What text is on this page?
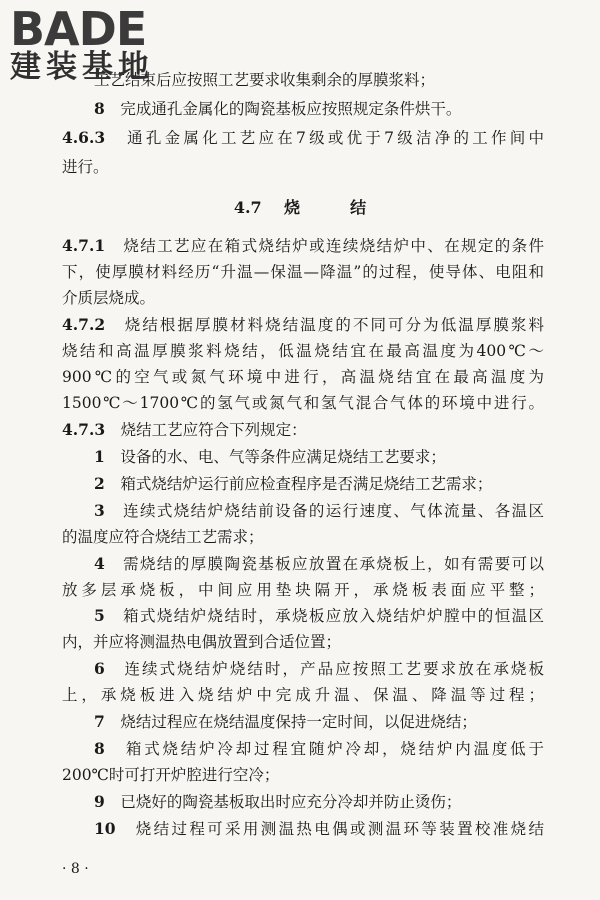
BADE
建装基地
工艺结束后应按照工艺要求收集剩余的厚膜浆料；
8　 完成通孔金属化的陶瓷基板应按照规定条件烘干。
4.6.3　 通孔金属化工艺应在7级或优于7级洁净的工作间中
进行。
4.7 烧	结
4.7.1　 烧结工艺应在箱式烧结炉或连续烧结炉中、在规定的条件
下，使厚膜材料经历“升温—保温—降温”的过程，使导体、电阻和
介质层烧成。
4.7.2　 烧结根据厚膜材料烧结温度的不同可分为低温厚膜浆料
烧结和高温厚膜浆料烧结，低温烧结宜在最高温度为400℃～
900℃的空气或氮气环境中进行，高温烧结宜在最高温度为
1500℃～1700℃的氢气或氮气和氢气混合气体的环境中进行。
4.7.3　 烧结工艺应符合下列规定：
1　 设备的水、电、气等条件应满足烧结工艺要求；
2　 箱式烧结炉运行前应检查程序是否满足烧结工艺需求；
3　 连续式烧结炉烧结前设备的运行速度、气体流量、各温区
的温度应符合烧结工艺需求；
4　 需烧结的厚膜陶瓷基板应放置在承烧板上，如有需要可以
放多层承烧板，中间应用垫块隔开，承烧板表面应平整；
5　 箱式烧结炉烧结时，承烧板应放入烧结炉炉膛中的恒温区
内，并应将测温热电偶放置到合适位置；
6　 连续式烧结炉烧结时，产品应按照工艺要求放在承烧板
上，承烧板进入烧结炉中完成升温、保温、降温等过程；
7　 烧结过程应在烧结温度保持一定时间，以促进烧结；
8　 箱式烧结炉冷却过程宜随炉冷却，烧结炉内温度低于
200℃时可打开炉腔进行空冷；
9　 已烧好的陶瓷基板取出时应充分冷却并防止烫伤；
10　 烧结过程可采用测温热电偶或测温环等装置校准烧结
· 8 ·
